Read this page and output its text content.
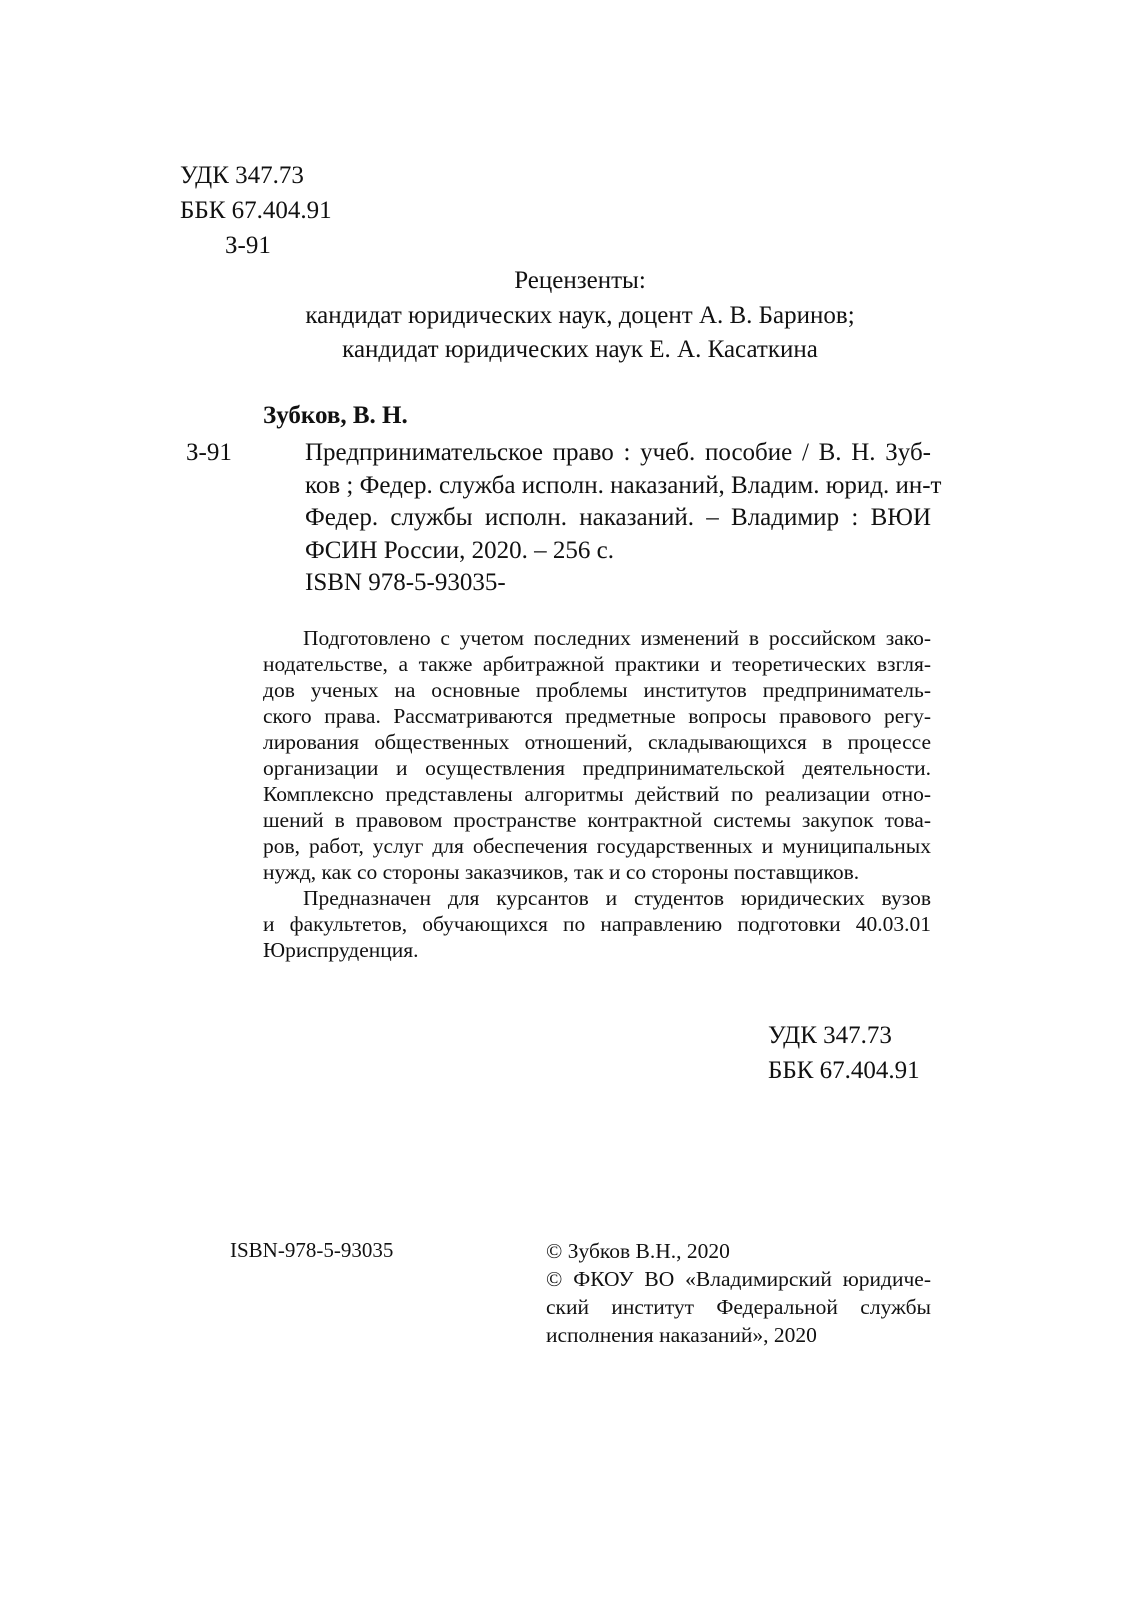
УДК 347.73
ББК 67.404.91
З-91
Рецензенты:
кандидат юридических наук, доцент А. В. Баринов;
кандидат юридических наук Е. А. Касаткина
Зубков, В. Н.
З-91	Предпринимательское право : учеб. пособие / В. Н. Зуб-
ков ; Федер. служба исполн. наказаний, Владим. юрид. ин-т
Федер. службы исполн. наказаний. – Владимир : ВЮИ
ФСИН России, 2020. – 256 с.
ISBN 978-5-93035-
Подготовлено с учетом последних изменений в российском зако-
нодательстве, а также арбитражной практики и теоретических взгля-
дов ученых на основные проблемы институтов предприниматель-
ского права. Рассматриваются предметные вопросы правового регу-
лирования общественных отношений, складывающихся в процессе
организации и осуществления предпринимательской деятельности.
Комплексно представлены алгоритмы действий по реализации отно-
шений в правовом пространстве контрактной системы закупок това-
ров, работ, услуг для обеспечения государственных и муниципальных
нужд, как со стороны заказчиков, так и со стороны поставщиков.
Предназначен для курсантов и студентов юридических вузов
и факультетов, обучающихся по направлению подготовки 40.03.01
Юриспруденция.
УДК 347.73
ББК 67.404.91
ISBN-978-5-93035	© Зубков В.Н., 2020
© ФКОУ ВО «Владимирский юридиче-
ский институт Федеральной службы
исполнения наказаний», 2020
